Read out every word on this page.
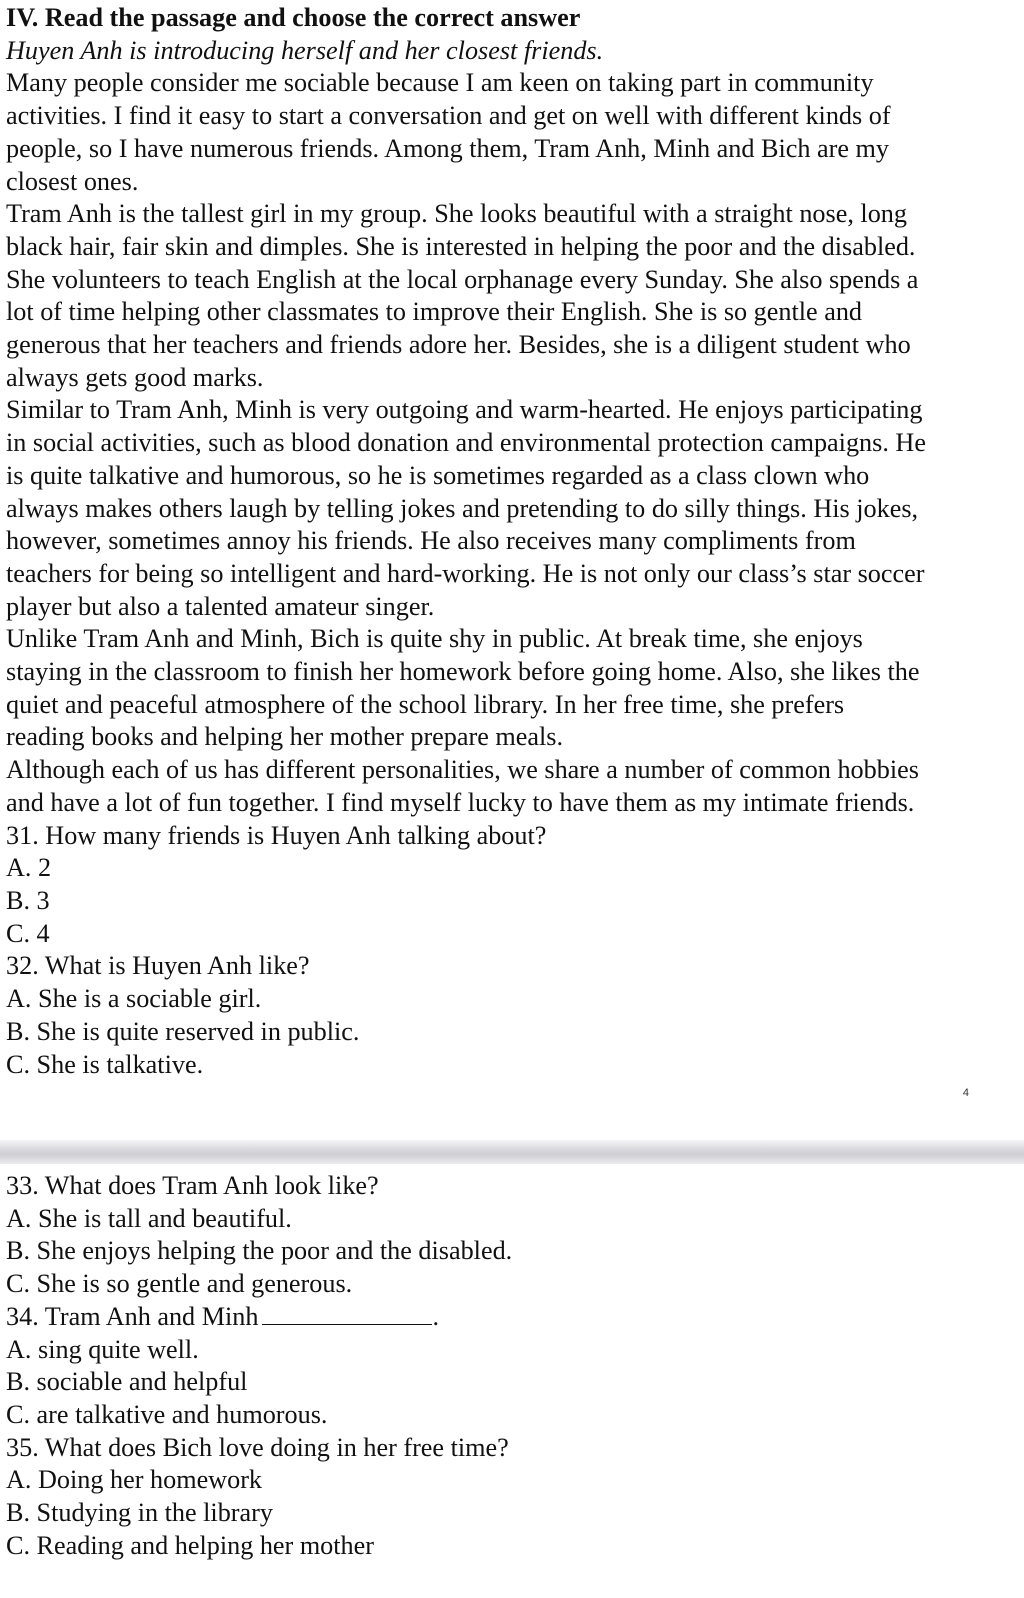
IV. Read the passage and choose the correct answer
Huyen Anh is introducing herself and her closest friends.
Many people consider me sociable because I am keen on taking part in community
activities. I find it easy to start a conversation and get on well with different kinds of
people, so I have numerous friends. Among them, Tram Anh, Minh and Bich are my
closest ones.
Tram Anh is the tallest girl in my group. She looks beautiful with a straight nose, long
black hair, fair skin and dimples. She is interested in helping the poor and the disabled.
She volunteers to teach English at the local orphanage every Sunday. She also spends a
lot of time helping other classmates to improve their English. She is so gentle and
generous that her teachers and friends adore her. Besides, she is a diligent student who
always gets good marks.
Similar to Tram Anh, Minh is very outgoing and warm-hearted. He enjoys participating
in social activities, such as blood donation and environmental protection campaigns. He
is quite talkative and humorous, so he is sometimes regarded as a class clown who
always makes others laugh by telling jokes and pretending to do silly things. His jokes,
however, sometimes annoy his friends. He also receives many compliments from
teachers for being so intelligent and hard-working. He is not only our class’s star soccer
player but also a talented amateur singer.
Unlike Tram Anh and Minh, Bich is quite shy in public. At break time, she enjoys
staying in the classroom to finish her homework before going home. Also, she likes the
quiet and peaceful atmosphere of the school library. In her free time, she prefers
reading books and helping her mother prepare meals.
Although each of us has different personalities, we share a number of common hobbies
and have a lot of fun together. I find myself lucky to have them as my intimate friends.
31. How many friends is Huyen Anh talking about?
A. 2
B. 3
C. 4
32. What is Huyen Anh like?
A. She is a sociable girl.
B. She is quite reserved in public.
C. She is talkative.
4
33. What does Tram Anh look like?
A. She is tall and beautiful.
B. She enjoys helping the poor and the disabled.
C. She is so gentle and generous.
34. Tram Anh and Minh	.
A. sing quite well.
B. sociable and helpful
C. are talkative and humorous.
35. What does Bich love doing in her free time?
A. Doing her homework
B. Studying in the library
C. Reading and helping her mother
